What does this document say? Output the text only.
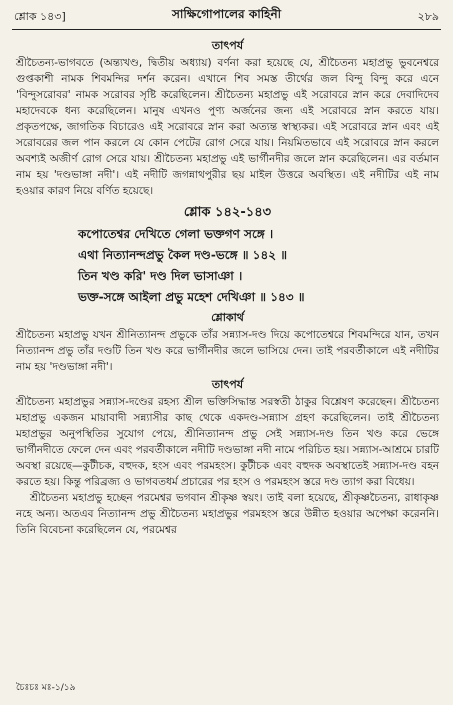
শ্লোক ১৪৩]	সাক্ষিগোপালের কাহিনী	২৮৯
তাৎপর্য

শ্রীচৈতন্য-ভাগবতে (অন্ত্যখণ্ড, দ্বিতীয় অধ্যায়) বর্ণনা করা হয়েছে যে, শ্রীচৈতন্য মহাপ্রভু ভুবনেশ্বরে গুপ্তকাশী নামক শিবমন্দির দর্শন করেন। এখানে শিব সমস্ত তীর্থের জল বিন্দু বিন্দু করে এনে 'বিন্দুসরোবর' নামক সরোবর সৃষ্টি করেছিলেন। শ্রীচৈতন্য মহাপ্রভু এই সরোবরে স্নান করে দেবাদিদেব মহাদেবকে ধন্য করেছিলেন। মানুষ এখনও পুণ্য অর্জনের জন্য এই সরোবরে স্নান করতে যায়। প্রকৃতপক্ষে, জাগতিক বিচারেও এই সরোবরে স্নান করা অত্যন্ত স্বাস্থ্যকর। এই সরোবরে স্নান এবং এই সরোবরের জল পান করলে যে কোন পেটের রোগ সেরে যায়। নিয়মিতভাবে এই সরোবরে স্নান করলে অবশ্যই অজীর্ণ রোগ সেরে যায়। শ্রীচৈতন্য মহাপ্রভু এই ভার্গীনদীর জলে স্নান করেছিলেন। এর বর্তমান নাম হয় 'দণ্ডভাঙ্গা নদী'। এই নদীটি জগন্নাথপুরীর ছয় মাইল উত্তরে অবস্থিত। এই নদীটির এই নাম হওয়ার কারণ নিয়ে বর্ণিত হয়েছে।

শ্লোক ১৪২-১৪৩
কপোতেশ্বর দেখিতে গেলা ভক্তগণ সঙ্গে ।
এথা নিত্যানন্দপ্রভু কৈল দণ্ড-ভঙ্গে ॥ ১৪২ ॥
তিন খণ্ড করি' দণ্ড দিল ভাসাঞা ।
ভক্ত-সঙ্গে আইলা প্রভু মহেশ দেখিঞা ॥ ১৪৩ ॥
শ্লোকার্থ

শ্রীচৈতন্য মহাপ্রভু যখন শ্রীনিত্যানন্দ প্রভুকে তাঁর সন্ন্যাস-দণ্ড দিয়ে কপোতেশ্বরে শিবমন্দিরে যান, তখন নিত্যানন্দ প্রভু তাঁর দণ্ডটি তিন খণ্ড করে ভার্গীনদীর জলে ভাসিয়ে দেন। তাই পরবর্তীকালে এই নদীটির নাম হয় 'দণ্ডভাঙ্গা নদী'।

তাৎপর্য

শ্রীচৈতন্য মহাপ্রভুর সন্ন্যাস-দণ্ডের রহস্য শ্রীল ভক্তিসিদ্ধান্ত সরস্বতী ঠাকুর বিশ্লেষণ করেছেন। শ্রীচৈতন্য মহাপ্রভু একজন মায়াবাদী সন্ন্যাসীর কাছ থেকে একদণ্ড-সন্ন্যাস গ্রহণ করেছিলেন। তাই শ্রীচৈতন্য মহাপ্রভুর অনুপস্থিতির সুযোগ পেয়ে, শ্রীনিত্যানন্দ প্রভু সেই সন্ন্যাস-দণ্ড তিন খণ্ড করে ভেঙ্গে ভার্গীনদীতে ফেলে দেন এবং পরবর্তীকালে নদীটি দণ্ডভাঙ্গা নদী নামে পরিচিত হয়। সন্ন্যাস-আশ্রমে চারটি অবস্থা রয়েছে—কুটীচক, বহুদক, হংস এবং পরমহংস। কুটীচক এবং বহুদক অবস্থাতেই সন্ন্যাস-দণ্ড বহন করতে হয়। কিন্তু পরিব্রজ্য ও ভাগবতধর্ম প্রচারের পর হংস ও পরমহংস স্তরে দণ্ড ত্যাগ করা বিধেয়।

শ্রীচৈতন্য মহাপ্রভু হচ্ছেন পরমেশ্বর ভগবান শ্রীকৃষ্ণ স্বয়ং। তাই বলা হয়েছে, শ্রীকৃষ্ণচৈতন্য, রাধাকৃষ্ণ নহে অন্য। অতএব নিত্যানন্দ প্রভু শ্রীচৈতন্য মহাপ্রভুর পরমহংস স্তরে উন্নীত হওয়ার অপেক্ষা করেননি। তিনি বিবেচনা করেছিলেন যে, পরমেশ্বর

চৈঃচঃ মঃ-১/১৯
